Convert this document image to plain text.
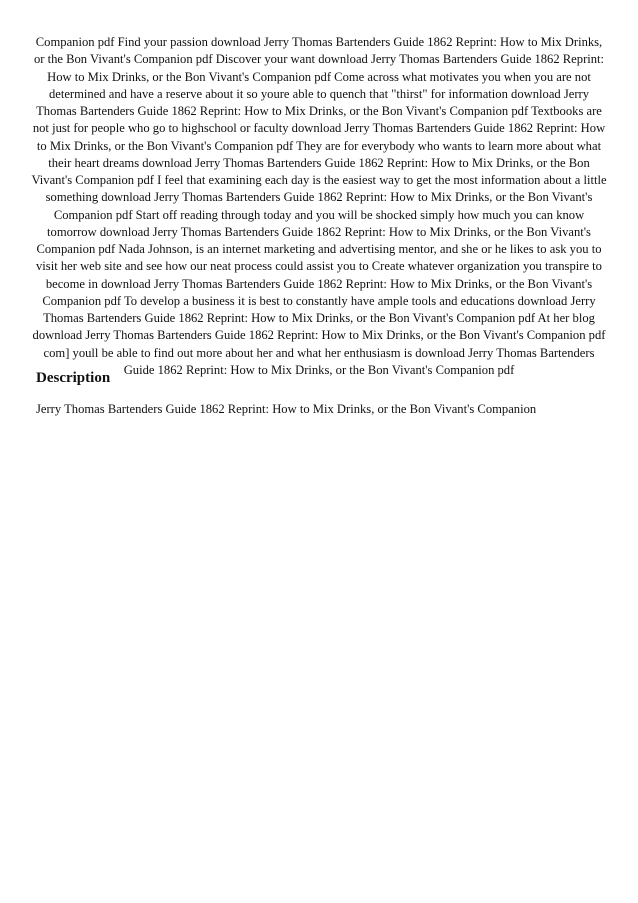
Companion pdf Find your passion download Jerry Thomas Bartenders Guide 1862 Reprint: How to Mix Drinks, or the Bon Vivant's Companion pdf Discover your want download Jerry Thomas Bartenders Guide 1862 Reprint: How to Mix Drinks, or the Bon Vivant's Companion pdf Come across what motivates you when you are not determined and have a reserve about it so youre able to quench that "thirst" for information download Jerry Thomas Bartenders Guide 1862 Reprint: How to Mix Drinks, or the Bon Vivant's Companion pdf Textbooks are not just for people who go to highschool or faculty download Jerry Thomas Bartenders Guide 1862 Reprint: How to Mix Drinks, or the Bon Vivant's Companion pdf They are for everybody who wants to learn more about what their heart dreams download Jerry Thomas Bartenders Guide 1862 Reprint: How to Mix Drinks, or the Bon Vivant's Companion pdf I feel that examining each day is the easiest way to get the most information about a little something download Jerry Thomas Bartenders Guide 1862 Reprint: How to Mix Drinks, or the Bon Vivant's Companion pdf Start off reading through today and you will be shocked simply how much you can know tomorrow download Jerry Thomas Bartenders Guide 1862 Reprint: How to Mix Drinks, or the Bon Vivant's Companion pdf Nada Johnson, is an internet marketing and advertising mentor, and she or he likes to ask you to visit her web site and see how our neat process could assist you to Create whatever organization you transpire to become in download Jerry Thomas Bartenders Guide 1862 Reprint: How to Mix Drinks, or the Bon Vivant's Companion pdf To develop a business it is best to constantly have ample tools and educations download Jerry Thomas Bartenders Guide 1862 Reprint: How to Mix Drinks, or the Bon Vivant's Companion pdf At her blog download Jerry Thomas Bartenders Guide 1862 Reprint: How to Mix Drinks, or the Bon Vivant's Companion pdf com] youll be able to find out more about her and what her enthusiasm is download Jerry Thomas Bartenders Guide 1862 Reprint: How to Mix Drinks, or the Bon Vivant's Companion pdf

Description

Jerry Thomas Bartenders Guide 1862 Reprint: How to Mix Drinks, or the Bon Vivant's Companion
